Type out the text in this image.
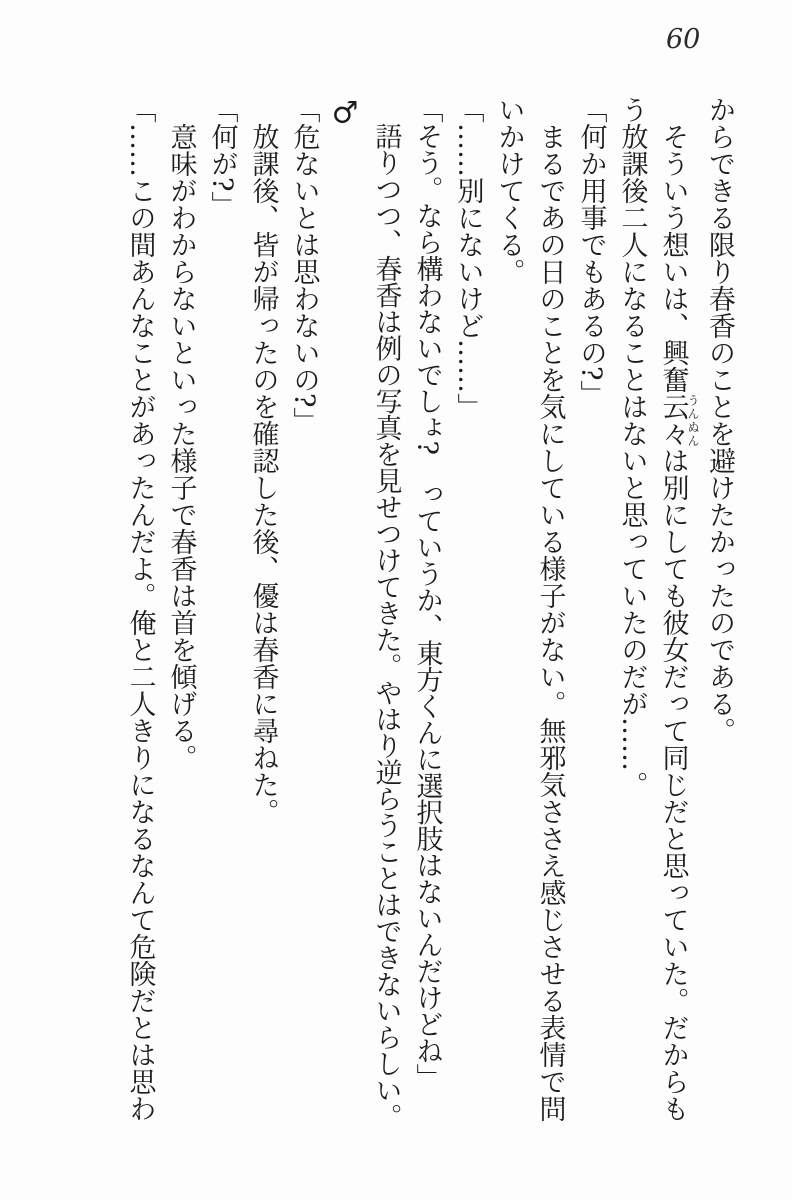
60

からできる限り春香のことを避けたかったのである。

　そういう想いは、興奮云々うんぬんは別にしても彼女だって同じだと思っていた。だからもう放課後二人になることはないと思っていたのだが……。

「何か用事でもあるの?」

　まるであの日のことを気にしている様子がない。無邪気ささえ感じさせる表情で問いかけてくる。

「……別にないけど……」

「そう。なら構わないでしょ?　っていうか、東方くんに選択肢はないんだけどね」

　語りつつ、春香は例の写真を見せつけてきた。やはり逆らうことはできないらしい。

♂

「危ないとは思わないの?」

　放課後、皆が帰ったのを確認した後、優は春香に尋ねた。

「何が?」

　意味がわからないといった様子で春香は首を傾げる。

「……この間あんなことがあったんだよ。俺と二人きりになるなんて危険だとは思わ
